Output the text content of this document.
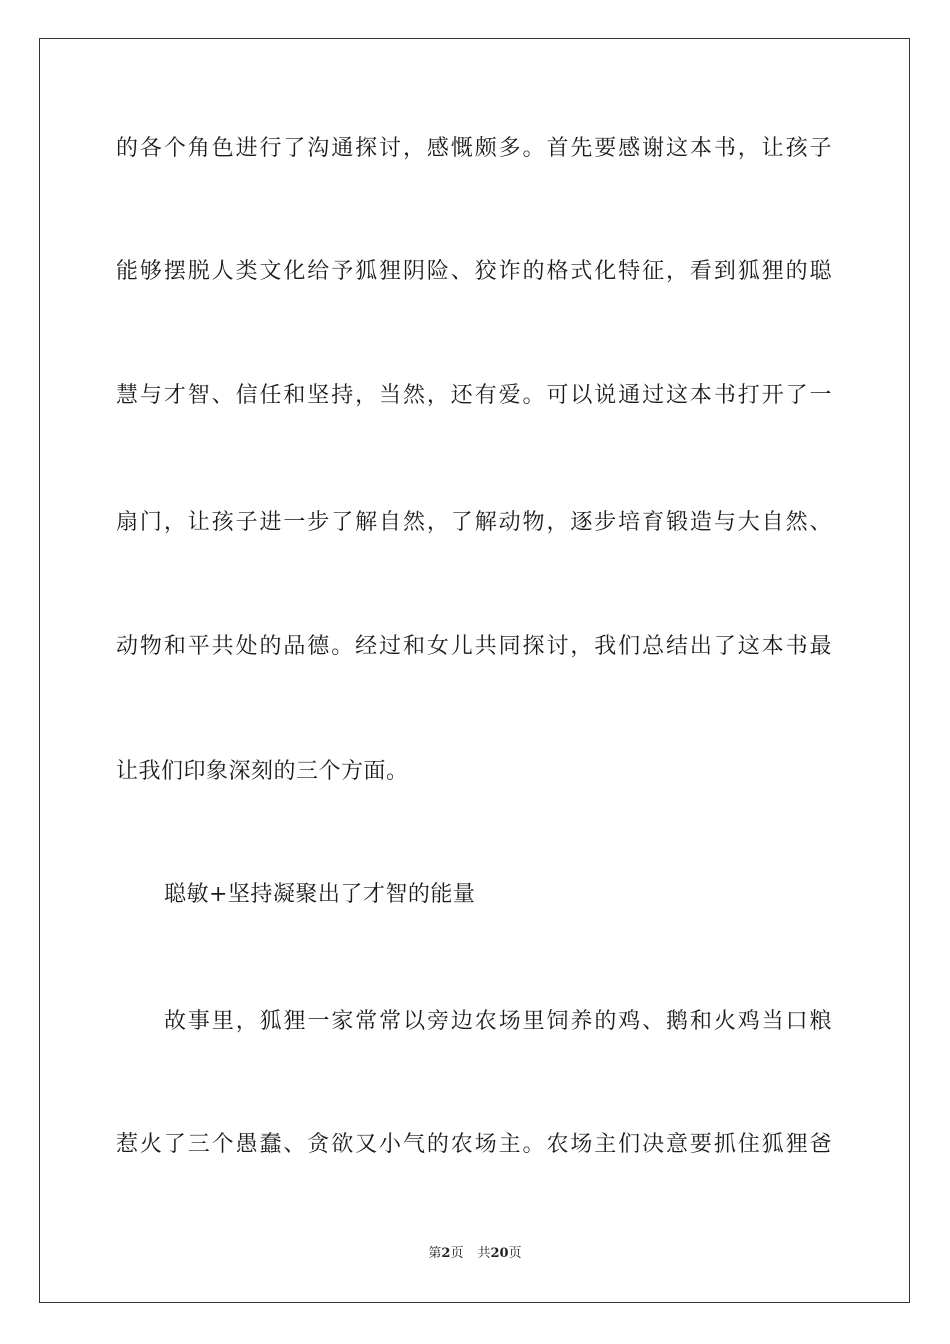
的各个角色进行了沟通探讨，感慨颇多。首先要感谢这本书，让孩子
能够摆脱人类文化给予狐狸阴险、狡诈的格式化特征，看到狐狸的聪
慧与才智、信任和坚持，当然，还有爱。可以说通过这本书打开了一
扇门，让孩子进一步了解自然，了解动物，逐步培育锻造与大自然、
动物和平共处的品德。经过和女儿共同探讨，我们总结出了这本书最
让我们印象深刻的三个方面。
聪敏+坚持凝聚出了才智的能量
故事里，狐狸一家常常以旁边农场里饲养的鸡、鹅和火鸡当口粮
惹火了三个愚蠢、贪欲又小气的农场主。农场主们决意要抓住狐狸爸
第2页 共20页
